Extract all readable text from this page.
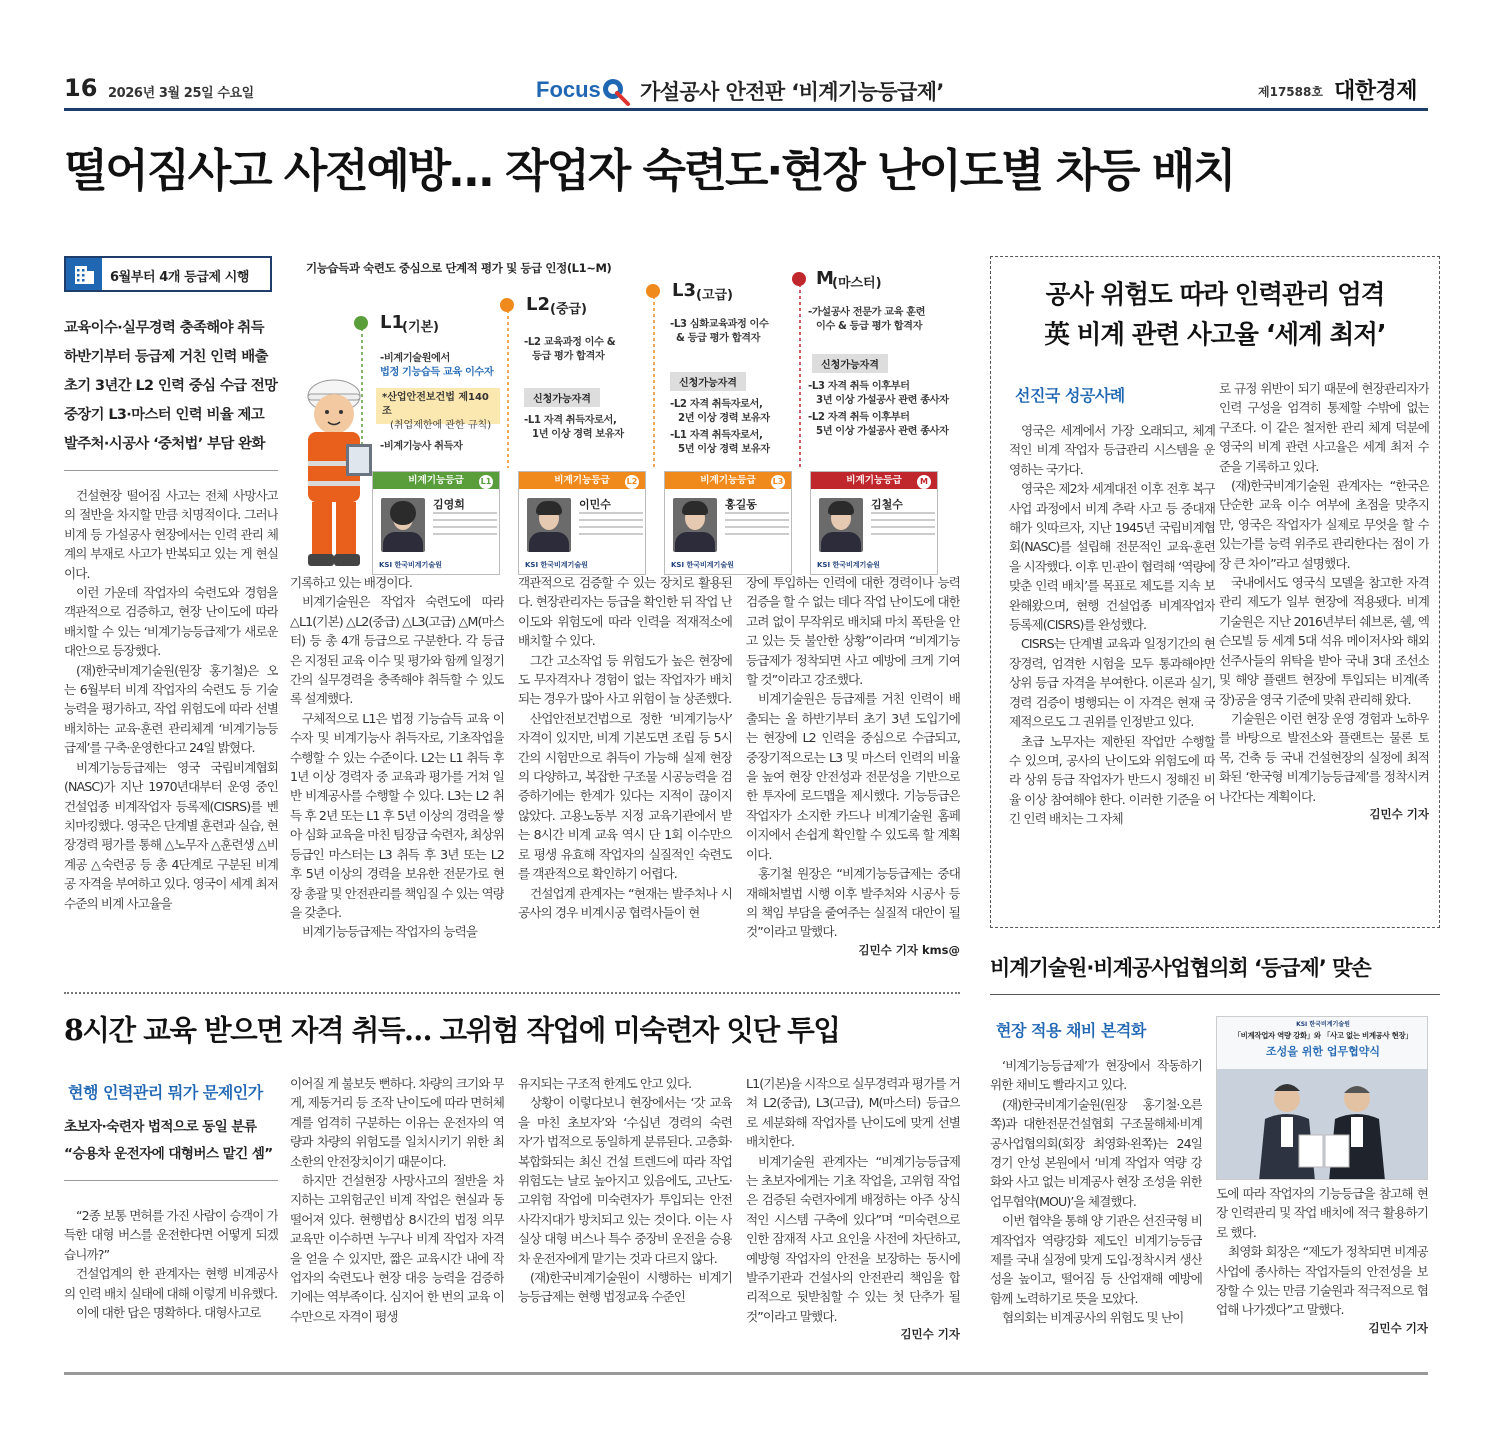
16 2026년 3월 25일 수요일	Focus 가설공사 안전판 ‘비계기능등급제’	제17588호 대한경제
떨어짐사고 사전예방… 작업자 숙련도·현장 난이도별 차등 배치
6월부터 4개 등급제 시행
교육이수·실무경력 충족해야 취득
하반기부터 등급제 거친 인력 배출
초기 3년간 L2 인력 중심 수급 전망
중장기 L3·마스터 인력 비율 제고
발주처·시공사 ‘중처법’ 부담 완화
기능습득과 숙련도 중심으로 단계적 평가 및 등급 인정(L1~M)
L1
(기본)
-비계기술원에서
법정 기능습득 교육 이수자
*산업안전보건법 제140조
(취업제한에 관한 규칙)
-비계기능사 취득자
L2 (중급)
-L2 교육과정 이수 &
등급 평가 합격자
신청가능자격
-L1 자격 취득자로서,
1년 이상 경력 보유자
L3 (고급)
-L3 심화교육과정 이수
& 등급 평가 합격자
신청가능자격
-L2 자격 취득자로서,
2년 이상 경력 보유자
-L1 자격 취득자로서,
5년 이상 경력 보유자
M
(마스터)
-가설공사 전문가 교육 훈련
이수 & 등급 평가 합격자
신청가능자격
-L3 자격 취득 이후부터
3년 이상 가설공사 관련 종사자
-L2 자격 취득 이후부터
5년 이상 가설공사 관련 종사자
비계기능등급	L1
김영희
KSI 한국비계기술원
비계기능등급	L2
이민수
KSI 한국비계기술원
비계기능등급	L3
홍길동
KSI 한국비계기술원
비계기능등급	M
김철수
KSI 한국비계기술원

건설현장 떨어짐 사고는 전체 사망사고의 절반을 차지할 만큼 치명적이다. 그러나 비계 등 가설공사 현장에서는 인력 관리 체계의 부재로 사고가 반복되고 있는 게 현실이다.

이런 가운데 작업자의 숙련도와 경험을 객관적으로 검증하고, 현장 난이도에 따라 배치할 수 있는 ‘비계기능등급제’가 새로운 대안으로 등장했다.

(재)한국비계기술원(원장 홍기철)은 오는 6월부터 비계 작업자의 숙련도 등 기술능력을 평가하고, 작업 위험도에 따라 선별 배치하는 교육·훈련 관리체계 ‘비계기능등급제’를 구축·운영한다고 24일 밝혔다.

비계기능등급제는 영국 국립비계협회(NASC)가 지난 1970년대부터 운영 중인 건설업종 비계작업자 등록제(CISRS)를 벤치마킹했다. 영국은 단계별 훈련과 실습, 현장경력 평가를 통해 △노무자 △훈련생 △비계공 △숙련공 등 총 4단계로 구분된 비계공 자격을 부여하고 있다. 영국이 세계 최저 수준의 비계 사고율을

기록하고 있는 배경이다.

비계기술원은 작업자 숙련도에 따라 △L1(기본) △L2(중급) △L3(고급) △M(마스터) 등 총 4개 등급으로 구분한다. 각 등급은 지정된 교육 이수 및 평가와 함께 일정기간의 실무경력을 충족해야 취득할 수 있도록 설계했다.

구체적으로 L1은 법정 기능습득 교육 이수자 및 비계기능사 취득자로, 기초작업을 수행할 수 있는 수준이다. L2는 L1 취득 후 1년 이상 경력자 중 교육과 평가를 거쳐 일반 비계공사를 수행할 수 있다. L3는 L2 취득 후 2년 또는 L1 후 5년 이상의 경력을 쌓아 심화 교육을 마친 팀장급 숙련자, 최상위 등급인 마스터는 L3 취득 후 3년 또는 L2 후 5년 이상의 경력을 보유한 전문가로 현장 총괄 및 안전관리를 책임질 수 있는 역량을 갖춘다.

비계기능등급제는 작업자의 능력을

객관적으로 검증할 수 있는 장치로 활용된다. 현장관리자는 등급을 확인한 뒤 작업 난이도와 위험도에 따라 인력을 적재적소에 배치할 수 있다.

그간 고소작업 등 위험도가 높은 현장에도 무자격자나 경험이 없는 작업자가 배치되는 경우가 많아 사고 위험이 늘 상존했다.

산업안전보건법으로 정한 ‘비계기능사’ 자격이 있지만, 비계 기본도면 조립 등 5시간의 시험만으로 취득이 가능해 실제 현장의 다양하고, 복잡한 구조물 시공능력을 검증하기에는 한계가 있다는 지적이 끊이지 않았다. 고용노동부 지정 교육기관에서 받는 8시간 비계 교육 역시 단 1회 이수만으로 평생 유효해 작업자의 실질적인 숙련도를 객관적으로 확인하기 어렵다.

건설업계 관계자는 “현재는 발주처나 시공사의 경우 비계시공 협력사들이 현

장에 투입하는 인력에 대한 경력이나 능력 검증을 할 수 없는 데다 작업 난이도에 대한 고려 없이 무작위로 배치돼 마치 폭탄을 안고 있는 듯 불안한 상황”이라며 “비계기능등급제가 정착되면 사고 예방에 크게 기여할 것”이라고 강조했다.

비계기술원은 등급제를 거친 인력이 배출되는 올 하반기부터 초기 3년 도입기에는 현장에 L2 인력을 중심으로 수급되고, 중장기적으로는 L3 및 마스터 인력의 비율을 높여 현장 안전성과 전문성을 기반으로 한 투자에 로드맵을 제시했다. 기능등급은 작업자가 소지한 카드나 비계기술원 홈페이지에서 손쉽게 확인할 수 있도록 할 계획이다.

홍기철 원장은 “비계기능등급제는 중대재해처벌법 시행 이후 발주처와 시공사 등의 책임 부담을 줄여주는 실질적 대안이 될 것”이라고 말했다.

김민수 기자 kms@
공사 위험도 따라 인력관리 엄격
英 비계 관련 사고율 ‘세계 최저’
선진국 성공사례

영국은 세계에서 가장 오래되고, 체계적인 비계 작업자 등급관리 시스템을 운영하는 국가다.

영국은 제2차 세계대전 이후 전후 복구 사업 과정에서 비계 추락 사고 등 중대재해가 잇따르자, 지난 1945년 국립비계협회(NASC)를 설립해 전문적인 교육·훈련을 시작했다. 이후 민·관이 협력해 ‘역량에 맞춘 인력 배치’를 목표로 제도를 지속 보완해왔으며, 현행 건설업종 비계작업자 등록제(CISRS)를 완성했다.

CISRS는 단계별 교육과 일정기간의 현장경력, 엄격한 시험을 모두 통과해야만 상위 등급 자격을 부여한다. 이론과 실기, 경력 검증이 병행되는 이 자격은 현재 국제적으로도 그 권위를 인정받고 있다.

초급 노무자는 제한된 작업만 수행할 수 있으며, 공사의 난이도와 위험도에 따라 상위 등급 작업자가 반드시 정해진 비율 이상 참여해야 한다. 이러한 기준을 어긴 인력 배치는 그 자체

로 규정 위반이 되기 때문에 현장관리자가 인력 구성을 엄격히 통제할 수밖에 없는 구조다. 이 같은 철저한 관리 체계 덕분에 영국의 비계 관련 사고율은 세계 최저 수준을 기록하고 있다.

(재)한국비계기술원 관계자는 “한국은 단순한 교육 이수 여부에 초점을 맞추지만, 영국은 작업자가 실제로 무엇을 할 수 있는가를 능력 위주로 관리한다는 점이 가장 큰 차이”라고 설명했다.

국내에서도 영국식 모델을 참고한 자격관리 제도가 일부 현장에 적용됐다. 비계기술원은 지난 2016년부터 쉐브론, 쉘, 엑슨모빌 등 세계 5대 석유 메이저사와 해외 선주사들의 위탁을 받아 국내 3대 조선소 및 해양 플랜트 현장에 투입되는 비계(족장)공을 영국 기준에 맞춰 관리해 왔다.

기술원은 이런 현장 운영 경험과 노하우를 바탕으로 발전소와 플랜트는 물론 토목, 건축 등 국내 건설현장의 실정에 최적화된 ‘한국형 비계기능등급제’를 정착시켜 나간다는 계획이다.

김민수 기자
8시간 교육 받으면 자격 취득… 고위험 작업에 미숙련자 잇단 투입
현행 인력관리 뭐가 문제인가
초보자·숙련자 법적으로 동일 분류
“승용차 운전자에 대형버스 맡긴 셈”

“2종 보통 면허를 가진 사람이 승객이 가득한 대형 버스를 운전한다면 어떻게 되겠습니까?”

건설업계의 한 관계자는 현행 비계공사의 인력 배치 실태에 대해 이렇게 비유했다.

이에 대한 답은 명확하다. 대형사고로

이어질 게 불보듯 뻔하다. 차량의 크기와 무게, 제동거리 등 조작 난이도에 따라 면허체계를 엄격히 구분하는 이유는 운전자의 역량과 차량의 위험도를 일치시키기 위한 최소한의 안전장치이기 때문이다.

하지만 건설현장 사망사고의 절반을 차지하는 고위험군인 비계 작업은 현실과 동떨어져 있다. 현행법상 8시간의 법정 의무교육만 이수하면 누구나 비계 작업자 자격을 얻을 수 있지만, 짧은 교육시간 내에 작업자의 숙련도나 현장 대응 능력을 검증하기에는 역부족이다. 심지어 한 번의 교육 이수만으로 자격이 평생

유지되는 구조적 한계도 안고 있다.

상황이 이렇다보니 현장에서는 ‘갓 교육을 마친 초보자’와 ‘수십년 경력의 숙련자’가 법적으로 동일하게 분류된다. 고층화·복합화되는 최신 건설 트렌드에 따라 작업 위험도는 날로 높아지고 있음에도, 고난도·고위험 작업에 미숙련자가 투입되는 안전 사각지대가 방치되고 있는 것이다. 이는 사실상 대형 버스나 특수 중장비 운전을 승용차 운전자에게 맡기는 것과 다르지 않다.

(재)한국비계기술원이 시행하는 비계기능등급제는 현행 법정교육 수준인

L1(기본)을 시작으로 실무경력과 평가를 거쳐 L2(중급), L3(고급), M(마스터) 등급으로 세분화해 작업자를 난이도에 맞게 선별 배치한다.

비계기술원 관계자는 “비계기능등급제는 초보자에게는 기초 작업을, 고위험 작업은 검증된 숙련자에게 배정하는 아주 상식적인 시스템 구축에 있다”며 “미숙련으로 인한 잠재적 사고 요인을 사전에 차단하고, 예방형 작업자의 안전을 보장하는 동시에 발주기관과 건설사의 안전관리 책임을 합리적으로 뒷받침할 수 있는 첫 단추가 될 것”이라고 말했다.

김민수 기자
비계기술원·비계공사업협의회 ‘등급제’ 맞손
현장 적용 채비 본격화

‘비계기능등급제’가 현장에서 작동하기 위한 채비도 빨라지고 있다.

(재)한국비계기술원(원장 홍기철·오른쪽)과 대한전문건설협회 구조물해체·비계공사업협의회(회장 최영화·왼쪽)는 24일 경기 안성 본원에서 ‘비계 작업자 역량 강화와 사고 없는 비계공사 현장 조성을 위한 업무협약(MOU)’을 체결했다.

이번 협약을 통해 양 기관은 선진국형 비계작업자 역량강화 제도인 비계기능등급제를 국내 실정에 맞게 도입·정착시켜 생산성을 높이고, 떨어짐 등 산업재해 예방에 함께 노력하기로 뜻을 모았다.

협의회는 비계공사의 위험도 및 난이

KSI 한국비계기술원
「비계작업자 역량 강화」와 「사고 없는 비계공사 현장」
조성을 위한 업무협약식

도에 따라 작업자의 기능등급을 참고해 현장 인력관리 및 작업 배치에 적극 활용하기로 했다.

최영화 회장은 “제도가 정착되면 비계공사업에 종사하는 작업자들의 안전성을 보장할 수 있는 만큼 기술원과 적극적으로 협업해 나가겠다”고 말했다.

김민수 기자
